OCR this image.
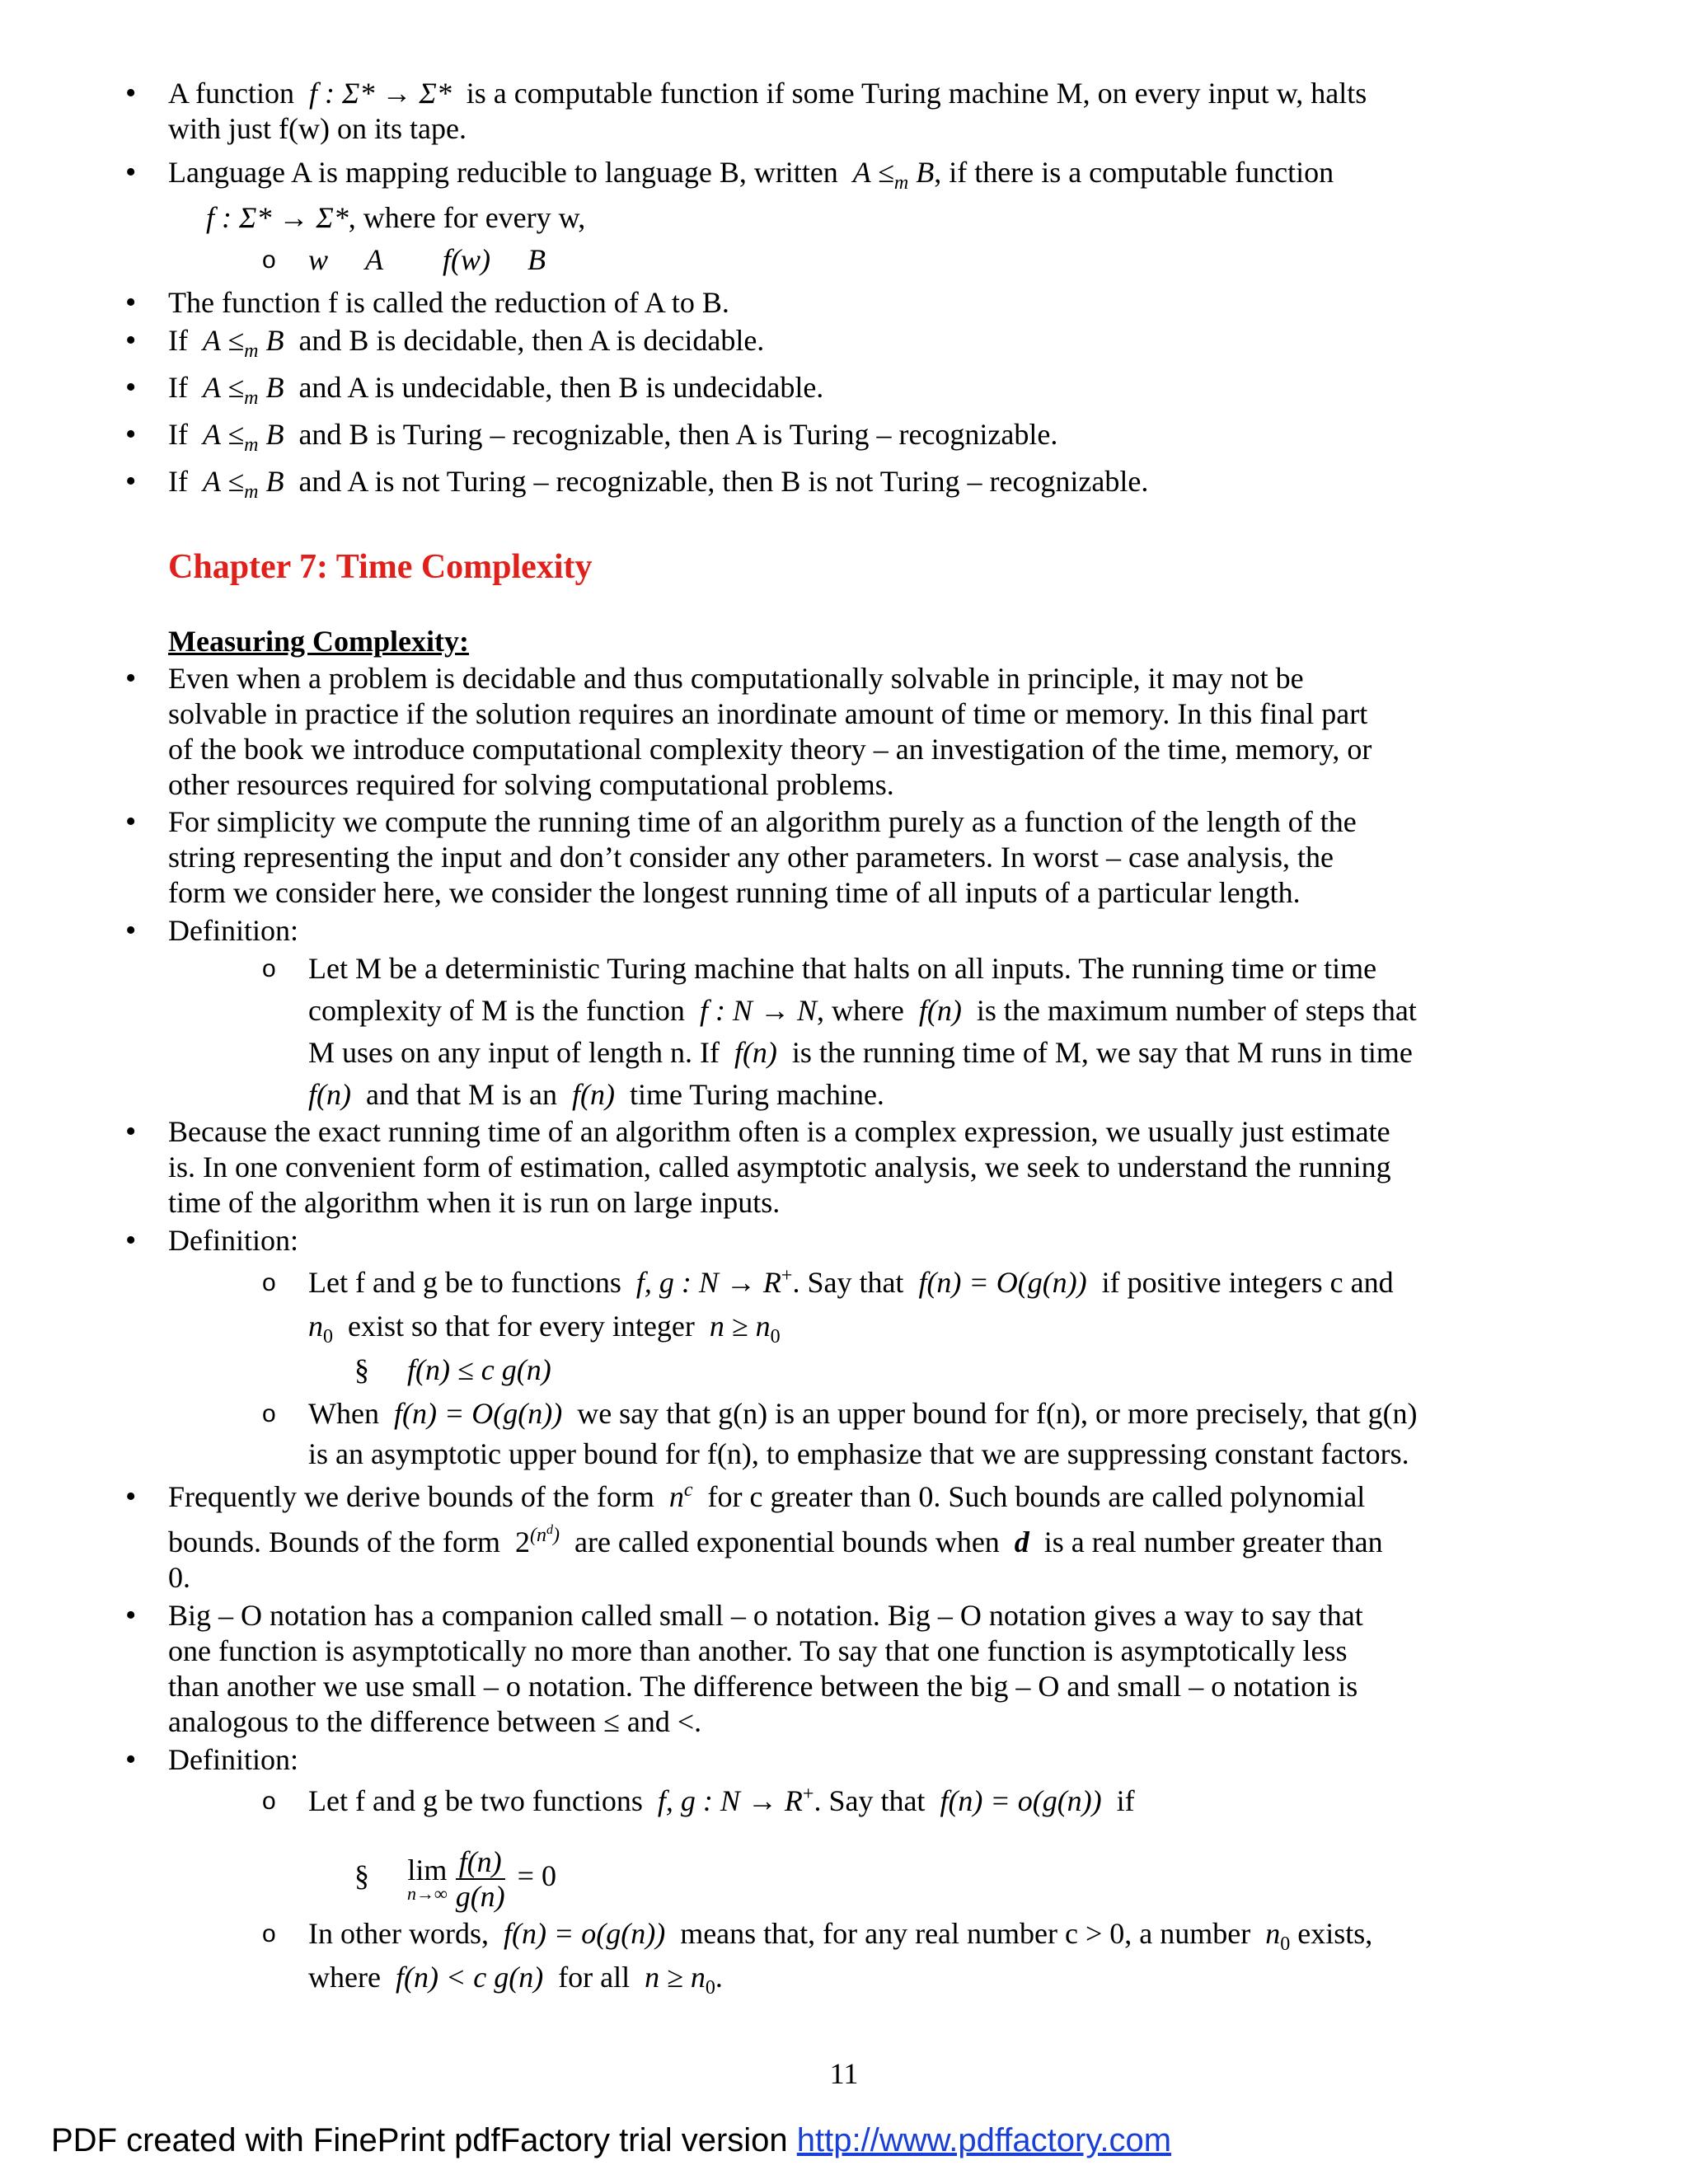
• A function f : Σ* → Σ* is a computable function if some Turing machine M, on every input w, halts
with just f(w) on its tape.
• Language A is mapping reducible to language B, written $A \le_m$ B, if there is a computable function
f : Σ* → Σ*, where for every w,
o w A f(w) B
• The function f is called the reduction of A to B.
• If $A \le_m$ B and B is decidable, then A is decidable.
• If $A \le_m$ B and A is undecidable, then B is undecidable.
• If $A \le_m$ B and B is Turing – recognizable, then A is Turing – recognizable.
• If $A \le_m$ B and A is not Turing – recognizable, then B is not Turing – recognizable.
Chapter 7: Time Complexity
Measuring Complexity:
• Even when a problem is decidable and thus computationally solvable in principle, it may not be
solvable in practice if the solution requires an inordinate amount of time or memory. In this final part
of the book we introduce computational complexity theory – an investigation of the time, memory, or
other resources required for solving computational problems.
• For simplicity we compute the running time of an algorithm purely as a function of the length of the
string representing the input and don’t consider any other parameters. In worst – case analysis, the
form we consider here, we consider the longest running time of all inputs of a particular length.
• Definition:
o Let M be a deterministic Turing machine that halts on all inputs. The running time or time
complexity of M is the function f : N → N, where f(n) is the maximum number of steps that
M uses on any input of length n. If f(n) is the running time of M, we say that M runs in time
f(n) and that M is an f(n) time Turing machine.
• Because the exact running time of an algorithm often is a complex expression, we usually just estimate
is. In one convenient form of estimation, called asymptotic analysis, we seek to understand the running
time of the algorithm when it is run on large inputs.
• Definition:
o Let f and g be to functions f, g : N → R+. Say that f(n) = O(g(n)) if positive integers c and
$n_0$ exist so that for every integer $n \ge n_0$
§ f(n) ≤ c g(n)
o When f(n) = O(g(n)) we say that g(n) is an upper bound for f(n), or more precisely, that g(n)
is an asymptotic upper bound for f(n), to emphasize that we are suppressing constant factors.
• Frequently we derive bounds of the form $n^c$ for c greater than 0. Such bounds are called polynomial
bounds. Bounds of the form $2^{(n^d)}$ are called exponential bounds when d is a real number greater than
0.
• Big – O notation has a companion called small – o notation. Big – O notation gives a way to say that
one function is asymptotically no more than another. To say that one function is asymptotically less
than another we use small – o notation. The difference between the big – O and small – o notation is
analogous to the difference between ≤ and <.
• Definition:
o Let f and g be two functions f, g : N → R+. Say that f(n) = o(g(n)) if
§ lim
$n\to\infty \frac{f(n)}{g(n)} = 0$
o In other words, f(n) = o(g(n)) means that, for any real number c > 0, a number $n_0$ exists,
where f(n) < c g(n) for all $n \ge n_0$.
11
PDF created with FinePrint pdfFactory trial version http://www.pdffactory.com
